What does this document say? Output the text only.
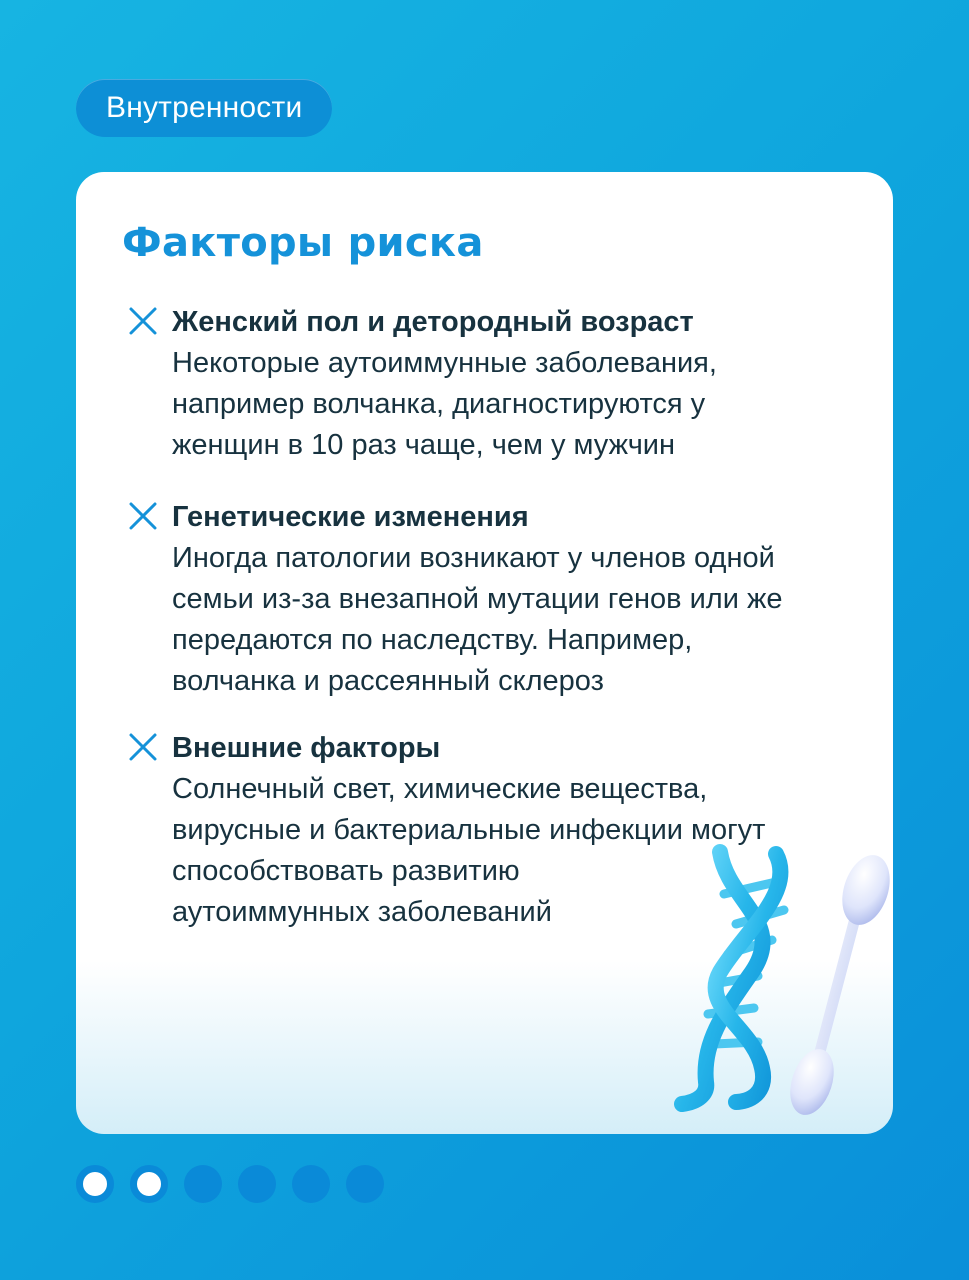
Внутренности
Факторы риска
Женский пол и детородный возраст

Некоторые аутоиммунные заболевания,
например волчанка, диагностируются у
женщин в 10 раз чаще, чем у мужчин

Генетические изменения

Иногда патологии возникают у членов одной
семьи из-за внезапной мутации генов или же
передаются по наследству. Например,
волчанка и рассеянный склероз

Внешние факторы

Солнечный свет, химические вещества,
вирусные и бактериальные инфекции могут
способствовать развитию
аутоиммунных заболеваний
